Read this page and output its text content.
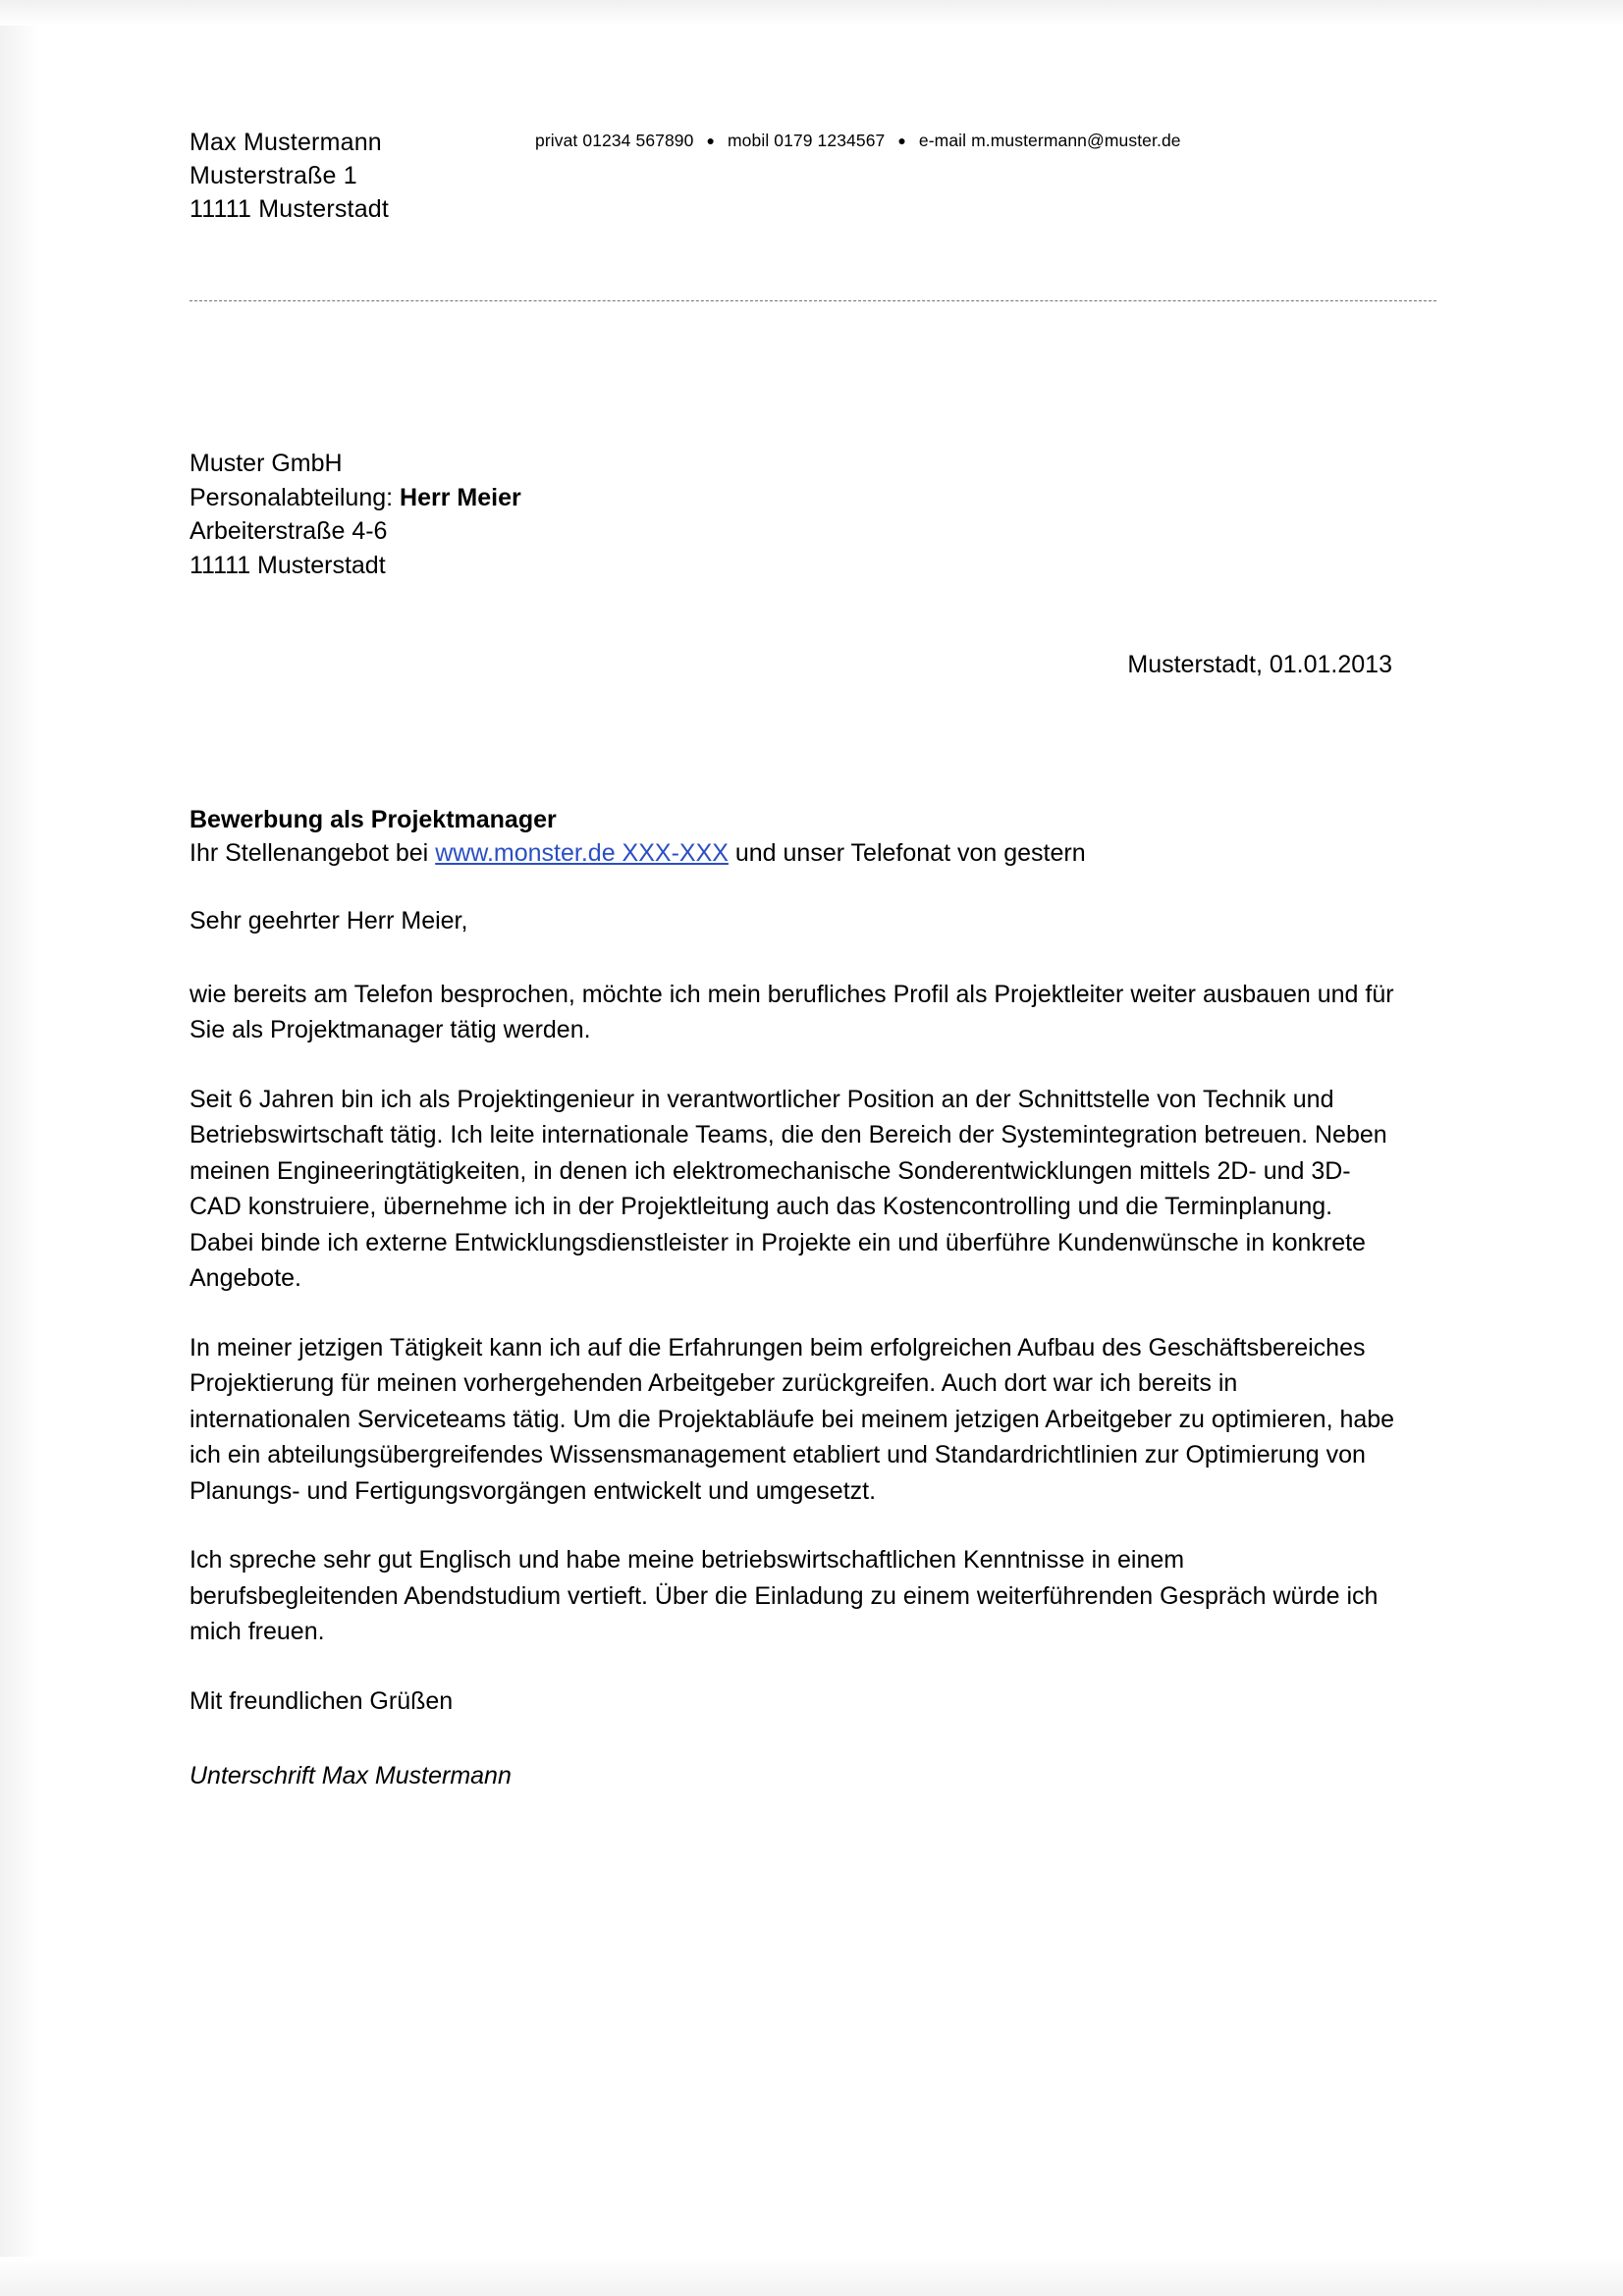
Max Mustermann
Musterstraße 1
11111 Musterstadt
privat 01234 567890 ● mobil 0179 1234567 ● e-mail m.mustermann@muster.de
Muster GmbH
Personalabteilung: Herr Meier
Arbeiterstraße 4-6
11111 Musterstadt
Musterstadt, 01.01.2013
Bewerbung als Projektmanager
Ihr Stellenangebot bei www.monster.de XXX-XXX und unser Telefonat von gestern

Sehr geehrter Herr Meier,

wie bereits am Telefon besprochen, möchte ich mein berufliches Profil als Projektleiter weiter ausbauen und für Sie als Projektmanager tätig werden.

Seit 6 Jahren bin ich als Projektingenieur in verantwortlicher Position an der Schnittstelle von Technik und Betriebswirtschaft tätig. Ich leite internationale Teams, die den Bereich der Systemintegration betreuen. Neben meinen Engineeringtätigkeiten, in denen ich elektromechanische Sonderentwicklungen mittels 2D- und 3D-CAD konstruiere, übernehme ich in der Projektleitung auch das Kostencontrolling und die Terminplanung. Dabei binde ich externe Entwicklungsdienstleister in Projekte ein und überführe Kundenwünsche in konkrete Angebote.

In meiner jetzigen Tätigkeit kann ich auf die Erfahrungen beim erfolgreichen Aufbau des Geschäftsbereiches Projektierung für meinen vorhergehenden Arbeitgeber zurückgreifen. Auch dort war ich bereits in internationalen Serviceteams tätig. Um die Projektabläufe bei meinem jetzigen Arbeitgeber zu optimieren, habe ich ein abteilungsübergreifendes Wissensmanagement etabliert und Standardrichtlinien zur Optimierung von Planungs- und Fertigungsvorgängen entwickelt und umgesetzt.

Ich spreche sehr gut Englisch und habe meine betriebswirtschaftlichen Kenntnisse in einem berufsbegleitenden Abendstudium vertieft. Über die Einladung zu einem weiterführenden Gespräch würde ich mich freuen.

Mit freundlichen Grüßen

Unterschrift Max Mustermann
